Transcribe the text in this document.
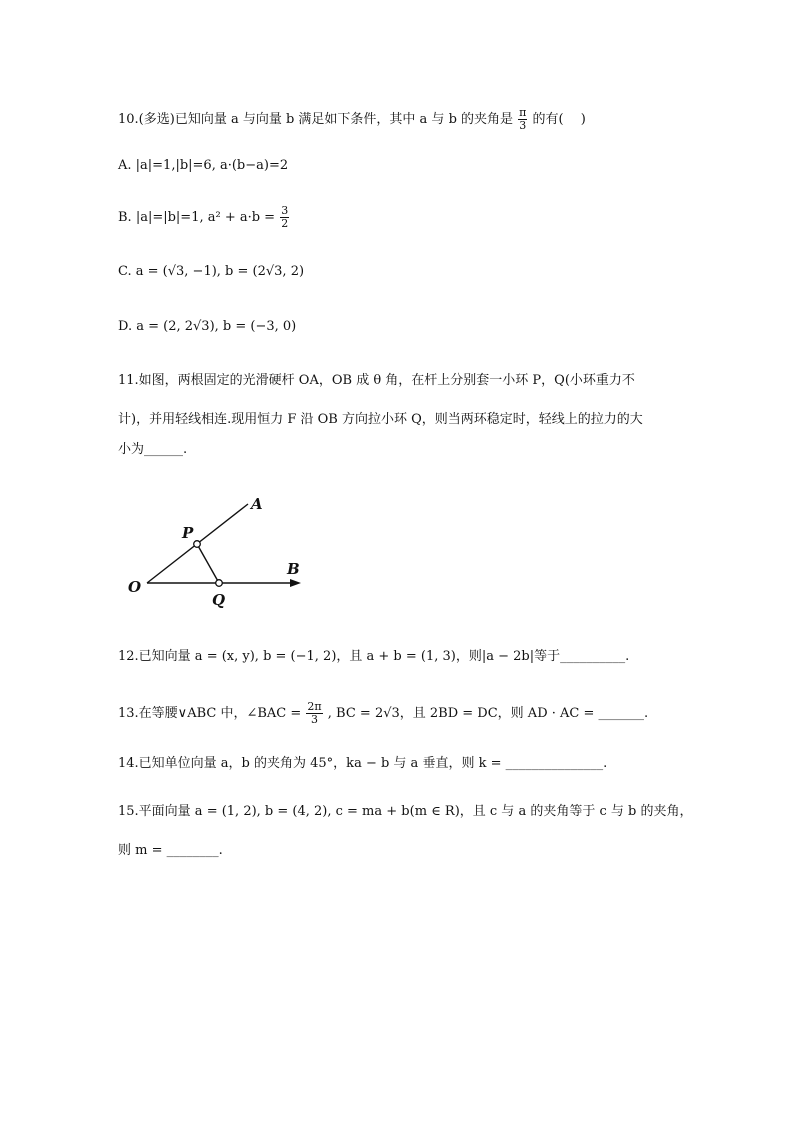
10.(多选)已知向量 a 与向量 b 满足如下条件，其中 a 与 b 的夹角是 $\frac{\pi}{3}$ 的有(　 )
A. |a|=1,|b|=6, a·(b−a)=2
B. |a|=|b|=1, $a^2 + a\cdot b = \frac{3}{2}$
C. a = (√3, −1), b = (2√3, 2)
D. a = (2, 2√3), b = (−3, 0)
11.如图，两根固定的光滑硬杆 OA，OB 成 θ 角，在杆上分别套一小环 P，Q(小环重力不
计)，并用轻线相连.现用恒力 F 沿 OB 方向拉小环 Q，则当两环稳定时，轻线上的拉力的大
小为______.
A
B
O
P
Q
12.已知向量 a = (x, y), b = (−1, 2)，且 a + b = (1, 3)，则|a − 2b|等于__________.
13.在等腰∨ABC 中，∠BAC = $\frac{2\pi}{3}$ , BC = 2√3，且 2BD = DC，则 AD · AC = _______.
14.已知单位向量 a，b 的夹角为 45°，ka − b 与 a 垂直，则 k = _______________.
15.平面向量 a = (1, 2), b = (4, 2), c = ma + b(m ∈ R)，且 c 与 a 的夹角等于 c 与 b 的夹角，
则 m = ________.
